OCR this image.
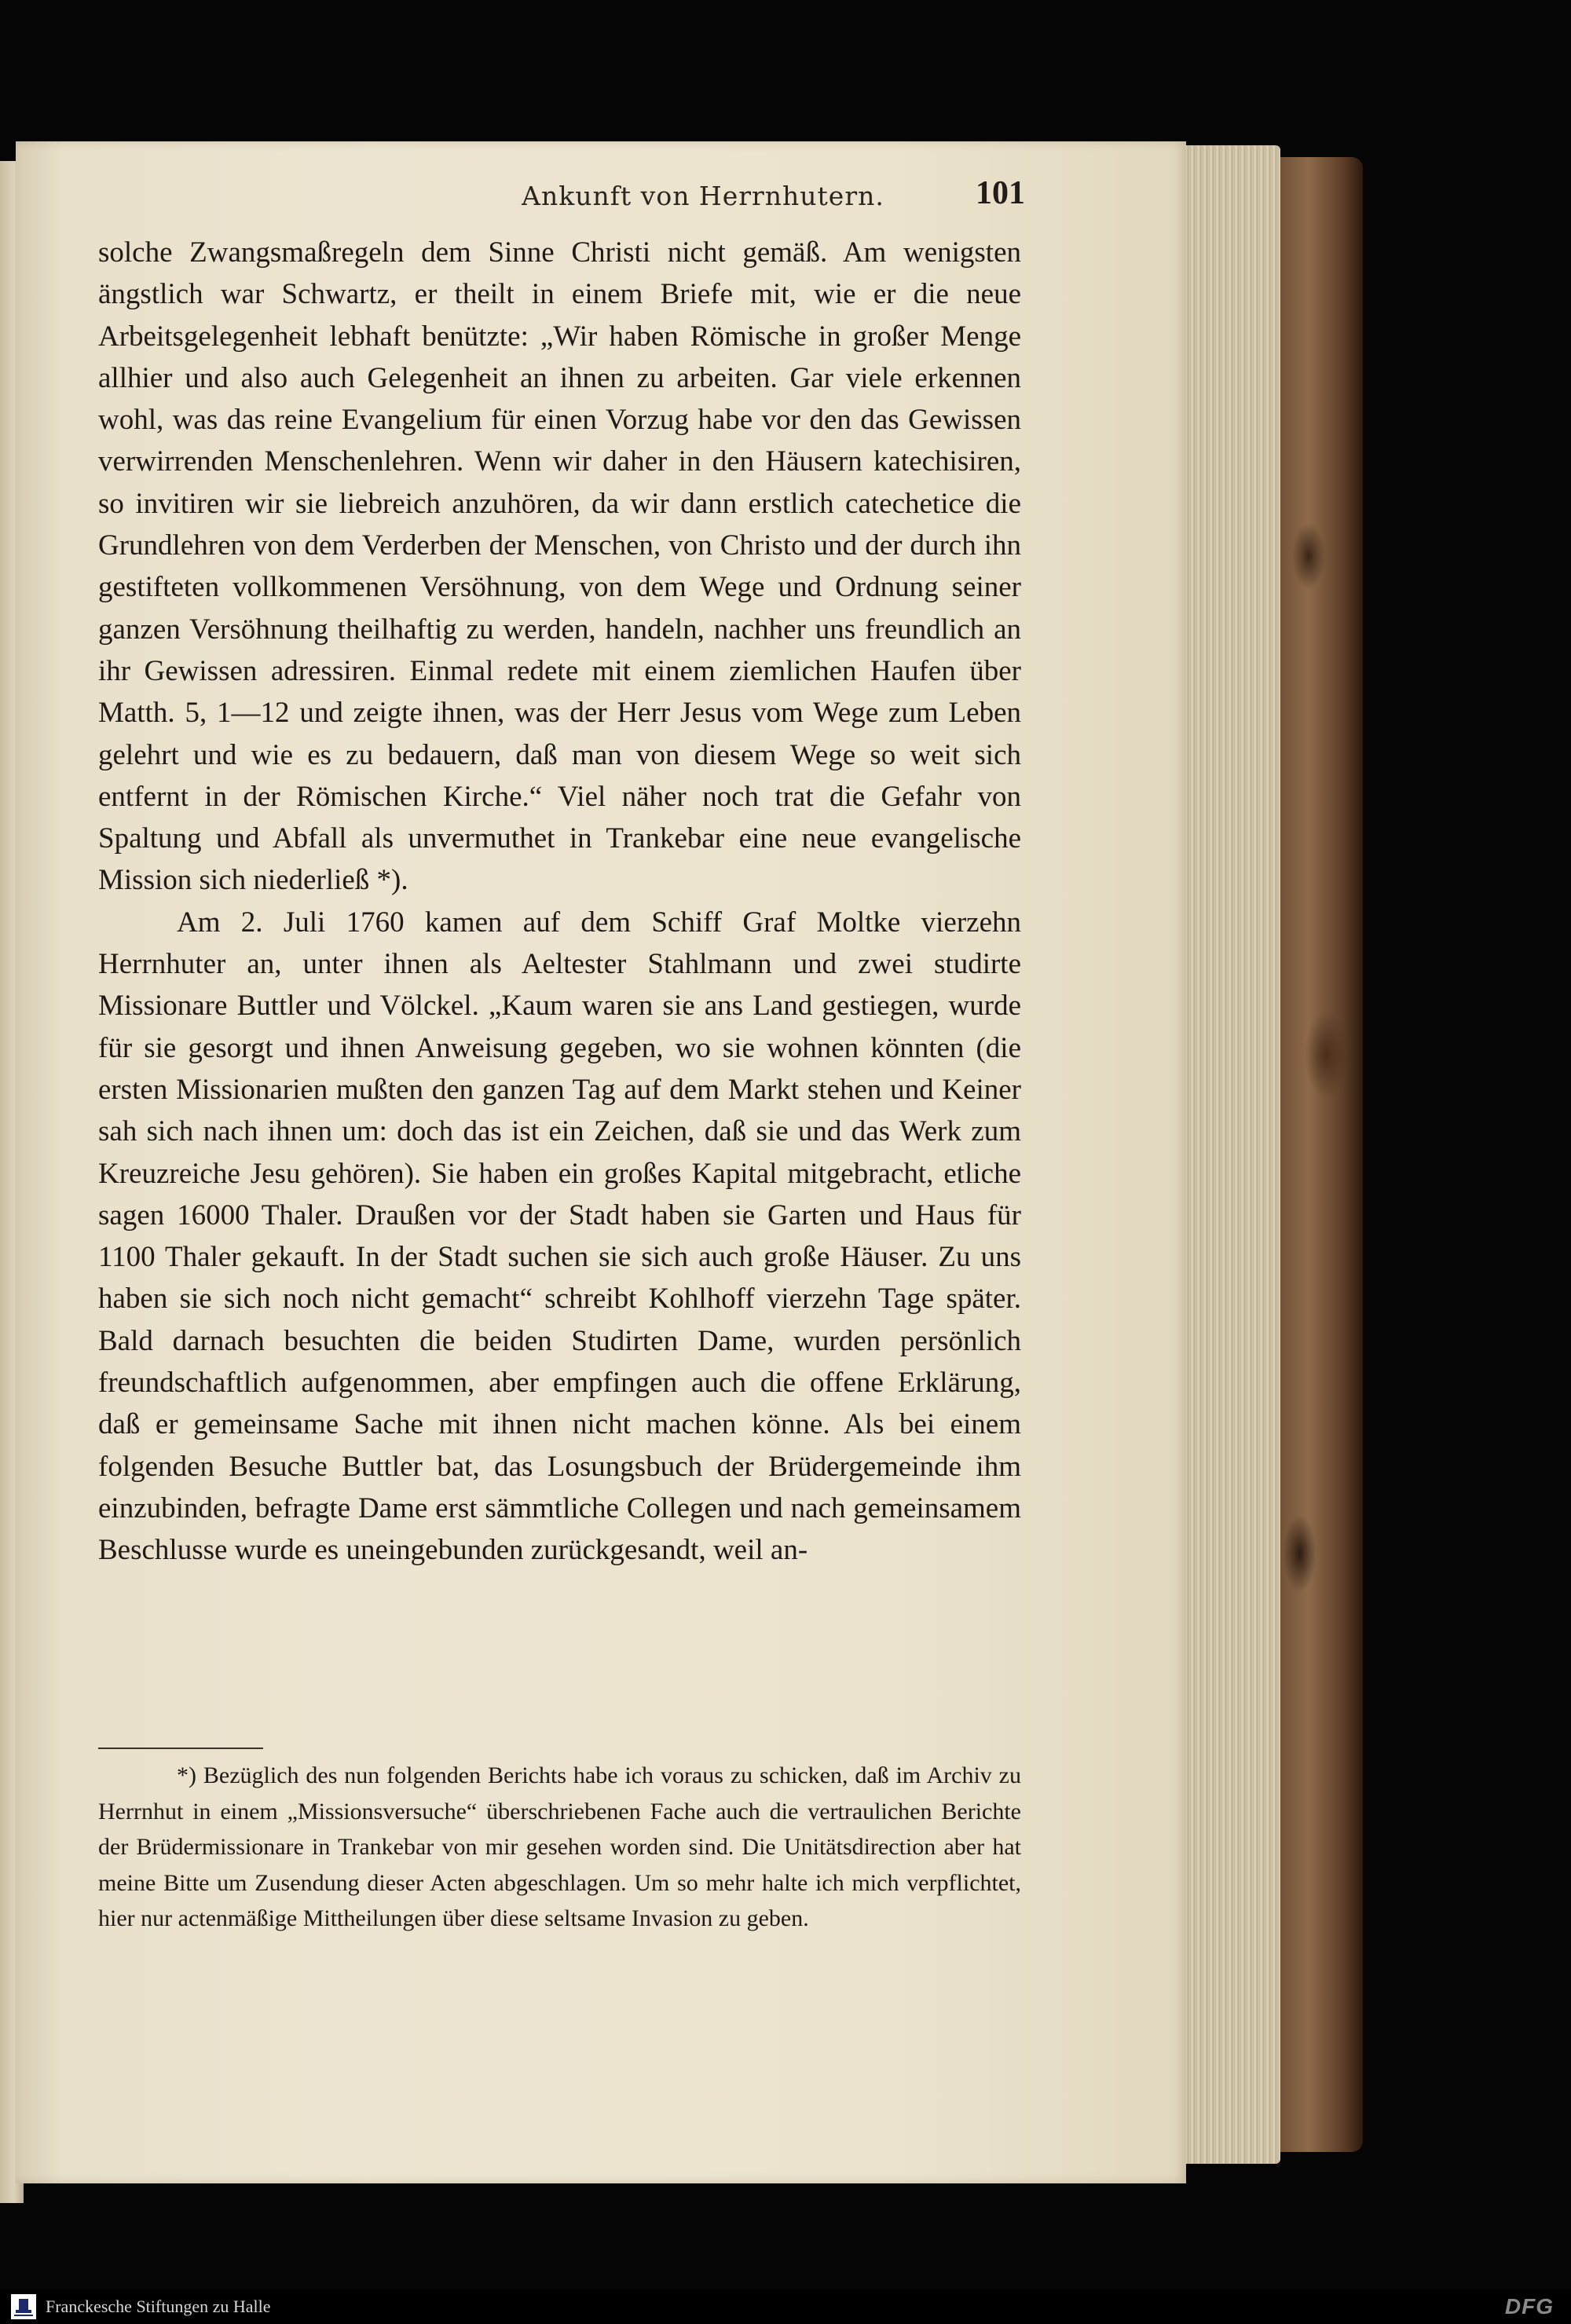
Ankunft von Herrnhutern.	101

solche Zwangsmaßregeln dem Sinne Christi nicht gemäß. Am wenigsten ängstlich war Schwartz, er theilt in einem Briefe mit, wie er die neue Arbeitsgelegenheit lebhaft benützte: „Wir haben Römische in großer Menge allhier und also auch Gelegenheit an ihnen zu arbeiten. Gar viele erkennen wohl, was das reine Evangelium für einen Vorzug habe vor den das Gewissen verwirrenden Menschenlehren. Wenn wir daher in den Häusern katechisiren, so invitiren wir sie liebreich anzuhören, da wir dann erstlich catechetice die Grundlehren von dem Verderben der Menschen, von Christo und der durch ihn gestifteten vollkommenen Versöhnung, von dem Wege und Ordnung seiner ganzen Versöhnung theilhaftig zu werden, handeln, nachher uns freundlich an ihr Gewissen adressiren. Einmal redete mit einem ziemlichen Haufen über Matth. 5, 1—12 und zeigte ihnen, was der Herr Jesus vom Wege zum Leben gelehrt und wie es zu bedauern, daß man von diesem Wege so weit sich entfernt in der Römischen Kirche.“ Viel näher noch trat die Gefahr von Spaltung und Abfall als unvermuthet in Trankebar eine neue evangelische Mission sich niederließ *).

Am 2. Juli 1760 kamen auf dem Schiff Graf Moltke vierzehn Herrnhuter an, unter ihnen als Aeltester Stahlmann und zwei studirte Missionare Buttler und Völckel. „Kaum waren sie ans Land gestiegen, wurde für sie gesorgt und ihnen Anweisung gegeben, wo sie wohnen könnten (die ersten Missionarien mußten den ganzen Tag auf dem Markt stehen und Keiner sah sich nach ihnen um: doch das ist ein Zeichen, daß sie und das Werk zum Kreuzreiche Jesu gehören). Sie haben ein großes Kapital mitgebracht, etliche sagen 16000 Thaler. Draußen vor der Stadt haben sie Garten und Haus für 1100 Thaler gekauft. In der Stadt suchen sie sich auch große Häuser. Zu uns haben sie sich noch nicht gemacht“ schreibt Kohlhoff vierzehn Tage später. Bald darnach besuchten die beiden Studirten Dame, wurden persönlich freundschaftlich aufgenommen, aber empfingen auch die offene Erklärung, daß er gemeinsame Sache mit ihnen nicht machen könne. Als bei einem folgenden Besuche Buttler bat, das Losungsbuch der Brüdergemeinde ihm einzubinden, befragte Dame erst sämmtliche Collegen und nach gemeinsamem Beschlusse wurde es uneingebunden zurückgesandt, weil an-

*) Bezüglich des nun folgenden Berichts habe ich voraus zu schicken, daß im Archiv zu Herrnhut in einem „Missionsversuche“ überschriebenen Fache auch die vertraulichen Berichte der Brüdermissionare in Trankebar von mir gesehen worden sind. Die Unitätsdirection aber hat meine Bitte um Zusendung dieser Acten abgeschlagen. Um so mehr halte ich mich verpflichtet, hier nur actenmäßige Mittheilungen über diese seltsame Invasion zu geben.

Franckesche Stiftungen zu Halle	DFG
